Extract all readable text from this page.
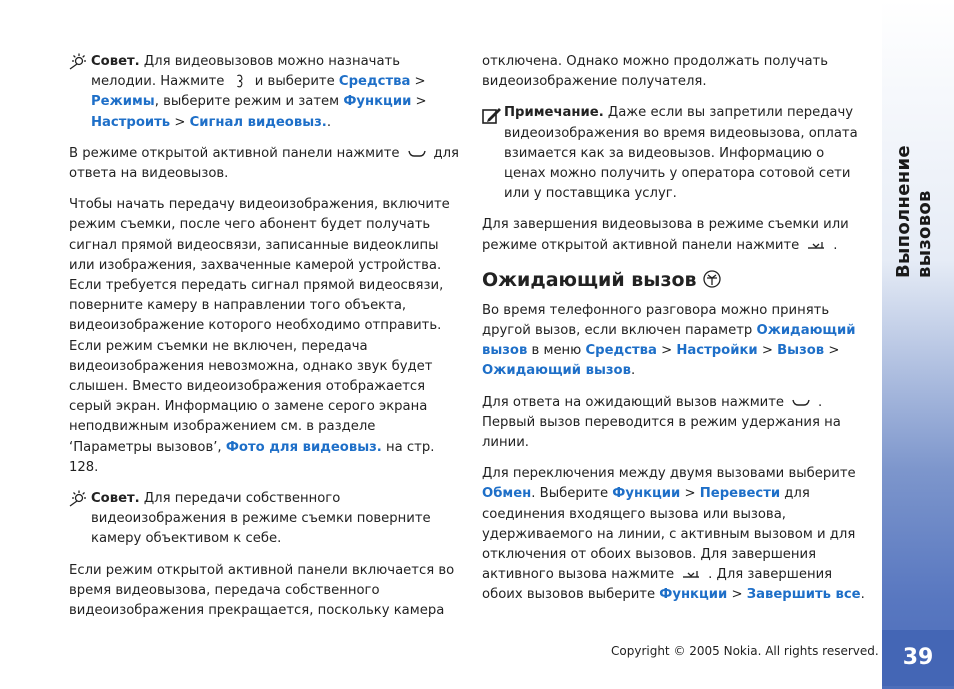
Выполнение вызовов
39
Совет. Для видеовызовов можно назначать мелодии. Нажмите  и выберите Средства > Режимы, выберите режим и затем Функции > Настроить > Сигнал видеовыз..

В режиме открытой активной панели нажмите	для ответа на видеовызов.

Чтобы начать передачу видеоизображения, включите режим съемки, после чего абонент будет получать сигнал прямой видеосвязи, записанные видеоклипы или изображения, захваченные камерой устройства. Если требуется передать сигнал прямой видеосвязи, поверните камеру в направлении того объекта, видеоизображение которого необходимо отправить. Если режим съемки не включен, передача видеоизображения невозможна, однако звук будет слышен. Вместо видеоизображения отображается серый экран. Информацию о замене серого экрана неподвижным изображением см. в разделе ‘Параметры вызовов’, Фото для видеовыз. на стр. 128.

Совет. Для передачи собственного видеоизображения в режиме съемки поверните камеру объективом к себе.

Если режим открытой активной панели включается во время видеовызова, передача собственного видеоизображения прекращается, поскольку камера

отключена. Однако можно продолжать получать видеоизображение получателя.

Примечание. Даже если вы запретили передачу видеоизображения во время видеовызова, оплата взимается как за видеовызов. Информацию о ценах можно получить у оператора сотовой сети или у поставщика услуг.

Для завершения видеовызова в режиме съемки или режиме открытой активной панели нажмите	.

Ожидающий вызов

Во время телефонного разговора можно принять другой вызов, если включен параметр Ожидающий вызов в меню Средства > Настройки > Вызов > Ожидающий вызов.

Для ответа на ожидающий вызов нажмите	. Первый вызов переводится в режим удержания на линии.

Для переключения между двумя вызовами выберите Обмен. Выберите Функции > Перевести для соединения входящего вызова или вызова, удерживаемого на линии, с активным вызовом и для отключения от обоих вызовов. Для завершения активного вызова нажмите	. Для завершения обоих вызовов выберите Функции > Завершить все.

Copyright © 2005 Nokia. All rights reserved.
